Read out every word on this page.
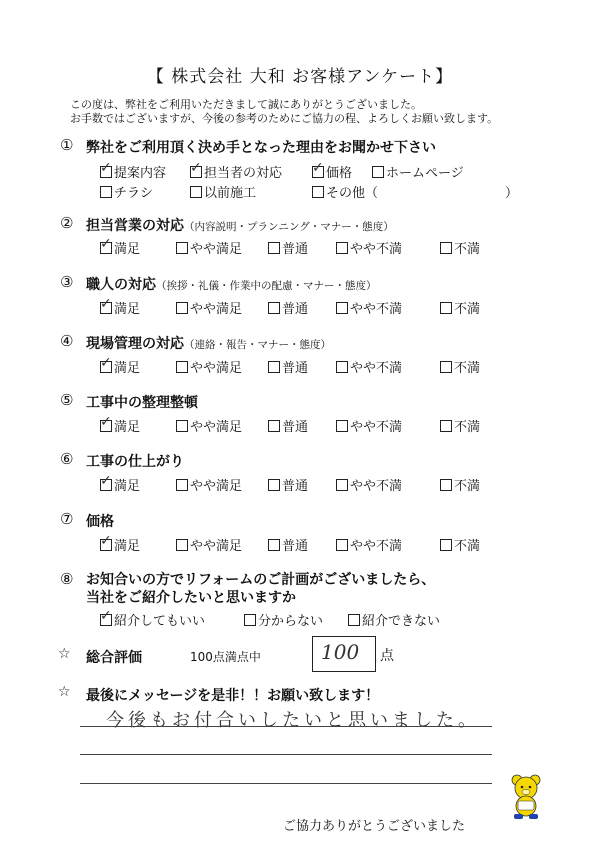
【 株式会社 大和 お客様アンケート】
この度は、弊社をご利用いただきまして誠にありがとうございました。
お手数ではございますが、今後の参考のためにご協力の程、よろしくお願い致します。
① 弊社をご利用頂く決め手となった理由をお聞かせ下さい
✓提案内容 ✓	担当者の対応 ✓	価格	ホームページ
チラシ	以前施工	その他（	）
② 担当営業の対応（内容説明・プランニング・マナー・態度）
✓満足	やや満足	普通	やや不満	不満
③ 職人の対応（挨拶・礼儀・作業中の配慮・マナー・態度）
✓満足	やや満足	普通	やや不満	不満
④ 現場管理の対応（連絡・報告・マナー・態度）
✓満足	やや満足	普通	やや不満	不満
⑤ 工事中の整理整頓
✓満足	やや満足	普通	やや不満	不満
⑥ 工事の仕上がり
✓満足	やや満足	普通	やや不満	不満
⑦ 価格
✓満足	やや満足	普通	やや不満	不満
⑧ お知合いの方でリフォームのご計画がございましたら、
当社をご紹介したいと思いますか
✓紹介してもいい	分からない	紹介できない
☆ 総合評価	100点満点中	100 点
☆ 最後にメッセージを是非！！お願い致します！
今後もお付合いしたいと思いました。
ご協力ありがとうございました
